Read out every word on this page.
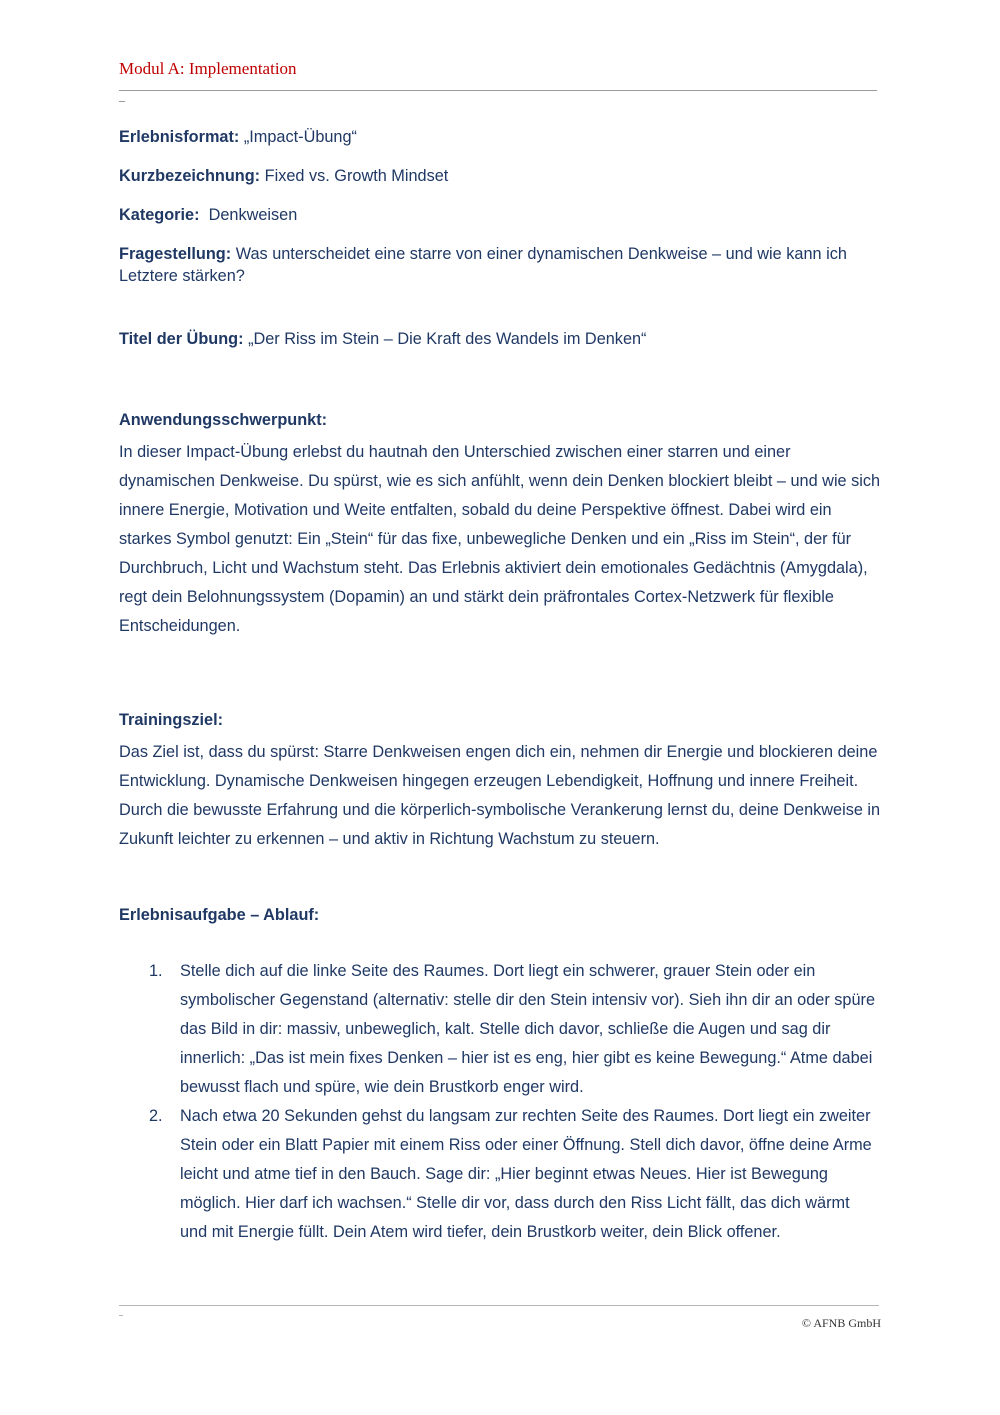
Modul A: Implementation

Erlebnisformat: „Impact-Übung“

Kurzbezeichnung: Fixed vs. Growth Mindset

Kategorie: Denkweisen

Fragestellung: Was unterscheidet eine starre von einer dynamischen Denkweise – und wie kann ich Letztere stärken?

Titel der Übung: „Der Riss im Stein – Die Kraft des Wandels im Denken“

Anwendungsschwerpunkt:

In dieser Impact-Übung erlebst du hautnah den Unterschied zwischen einer starren und einer dynamischen Denkweise. Du spürst, wie es sich anfühlt, wenn dein Denken blockiert bleibt – und wie sich innere Energie, Motivation und Weite entfalten, sobald du deine Perspektive öffnest. Dabei wird ein starkes Symbol genutzt: Ein „Stein“ für das fixe, unbewegliche Denken und ein „Riss im Stein“, der für Durchbruch, Licht und Wachstum steht. Das Erlebnis aktiviert dein emotionales Gedächtnis (Amygdala), regt dein Belohnungssystem (Dopamin) an und stärkt dein präfrontales Cortex-Netzwerk für flexible Entscheidungen.

Trainingsziel:

Das Ziel ist, dass du spürst: Starre Denkweisen engen dich ein, nehmen dir Energie und blockieren deine Entwicklung. Dynamische Denkweisen hingegen erzeugen Lebendigkeit, Hoffnung und innere Freiheit. Durch die bewusste Erfahrung und die körperlich-symbolische Verankerung lernst du, deine Denkweise in Zukunft leichter zu erkennen – und aktiv in Richtung Wachstum zu steuern.

Erlebnisaufgabe – Ablauf:

1. Stelle dich auf die linke Seite des Raumes. Dort liegt ein schwerer, grauer Stein oder ein symbolischer Gegenstand (alternativ: stelle dir den Stein intensiv vor). Sieh ihn dir an oder spüre das Bild in dir: massiv, unbeweglich, kalt. Stelle dich davor, schließe die Augen und sag dir innerlich: „Das ist mein fixes Denken – hier ist es eng, hier gibt es keine Bewegung.“ Atme dabei bewusst flach und spüre, wie dein Brustkorb enger wird.
2. Nach etwa 20 Sekunden gehst du langsam zur rechten Seite des Raumes. Dort liegt ein zweiter Stein oder ein Blatt Papier mit einem Riss oder einer Öffnung. Stell dich davor, öffne deine Arme leicht und atme tief in den Bauch. Sage dir: „Hier beginnt etwas Neues. Hier ist Bewegung möglich. Hier darf ich wachsen.“ Stelle dir vor, dass durch den Riss Licht fällt, das dich wärmt und mit Energie füllt. Dein Atem wird tiefer, dein Brustkorb weiter, dein Blick offener.
© AFNB GmbH
